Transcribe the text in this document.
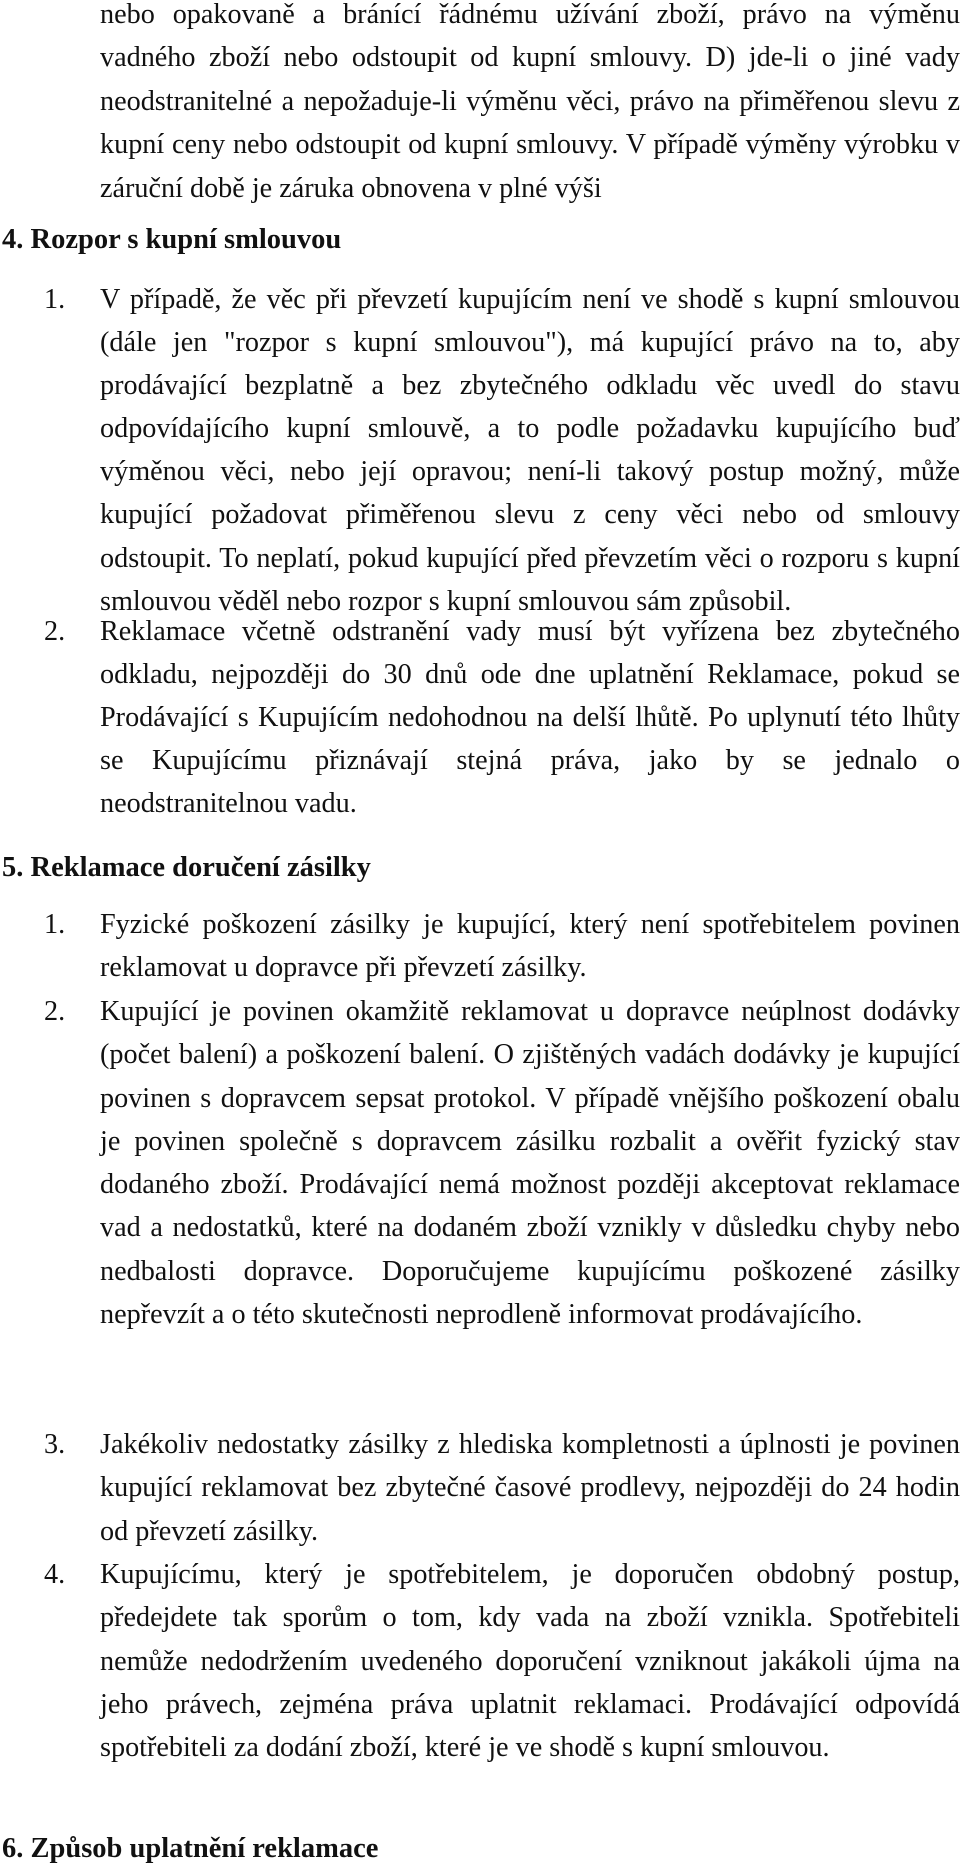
nebo opakovaně a bránící řádnému užívání zboží, právo na výměnu vadného zboží nebo odstoupit od kupní smlouvy. D) jde-li o jiné vady neodstranitelné a nepožaduje-li výměnu věci, právo na přiměřenou slevu z kupní ceny nebo odstoupit od kupní smlouvy. V případě výměny výrobku v záruční době je záruka obnovena v plné výši
4. Rozpor s kupní smlouvou
1. V případě, že věc při převzetí kupujícím není ve shodě s kupní smlouvou (dále jen "rozpor s kupní smlouvou"), má kupující právo na to, aby prodávající bezplatně a bez zbytečného odkladu věc uvedl do stavu odpovídajícího kupní smlouvě, a to podle požadavku kupujícího buď výměnou věci, nebo její opravou; není-li takový postup možný, může kupující požadovat přiměřenou slevu z ceny věci nebo od smlouvy odstoupit. To neplatí, pokud kupující před převzetím věci o rozporu s kupní smlouvou věděl nebo rozpor s kupní smlouvou sám způsobil.
2. Reklamace včetně odstranění vady musí být vyřízena bez zbytečného odkladu, nejpozději do 30 dnů ode dne uplatnění Reklamace, pokud se Prodávající s Kupujícím nedohodnou na delší lhůtě. Po uplynutí této lhůty se Kupujícímu přiznávají stejná práva, jako by se jednalo o neodstranitelnou vadu.
5. Reklamace doručení zásilky
1. Fyzické poškození zásilky je kupující, který není spotřebitelem povinen reklamovat u dopravce při převzetí zásilky.
2. Kupující je povinen okamžitě reklamovat u dopravce neúplnost dodávky (počet balení) a poškození balení. O zjištěných vadách dodávky je kupující povinen s dopravcem sepsat protokol. V případě vnějšího poškození obalu je povinen společně s dopravcem zásilku rozbalit a ověřit fyzický stav dodaného zboží. Prodávající nemá možnost později akceptovat reklamace vad a nedostatků, které na dodaném zboží vznikly v důsledku chyby nebo nedbalosti dopravce. Doporučujeme kupujícímu poškozené zásilky nepřevzít a o této skutečnosti neprodleně informovat prodávajícího.
3. Jakékoliv nedostatky zásilky z hlediska kompletnosti a úplnosti je povinen kupující reklamovat bez zbytečné časové prodlevy, nejpozději do 24 hodin od převzetí zásilky.
4. Kupujícímu, který je spotřebitelem, je doporučen obdobný postup, předejdete tak sporům o tom, kdy vada na zboží vznikla. Spotřebiteli nemůže nedodržením uvedeného doporučení vzniknout jakákoli újma na jeho právech, zejména práva uplatnit reklamaci. Prodávající odpovídá spotřebiteli za dodání zboží, které je ve shodě s kupní smlouvou.
6. Způsob uplatnění reklamace
